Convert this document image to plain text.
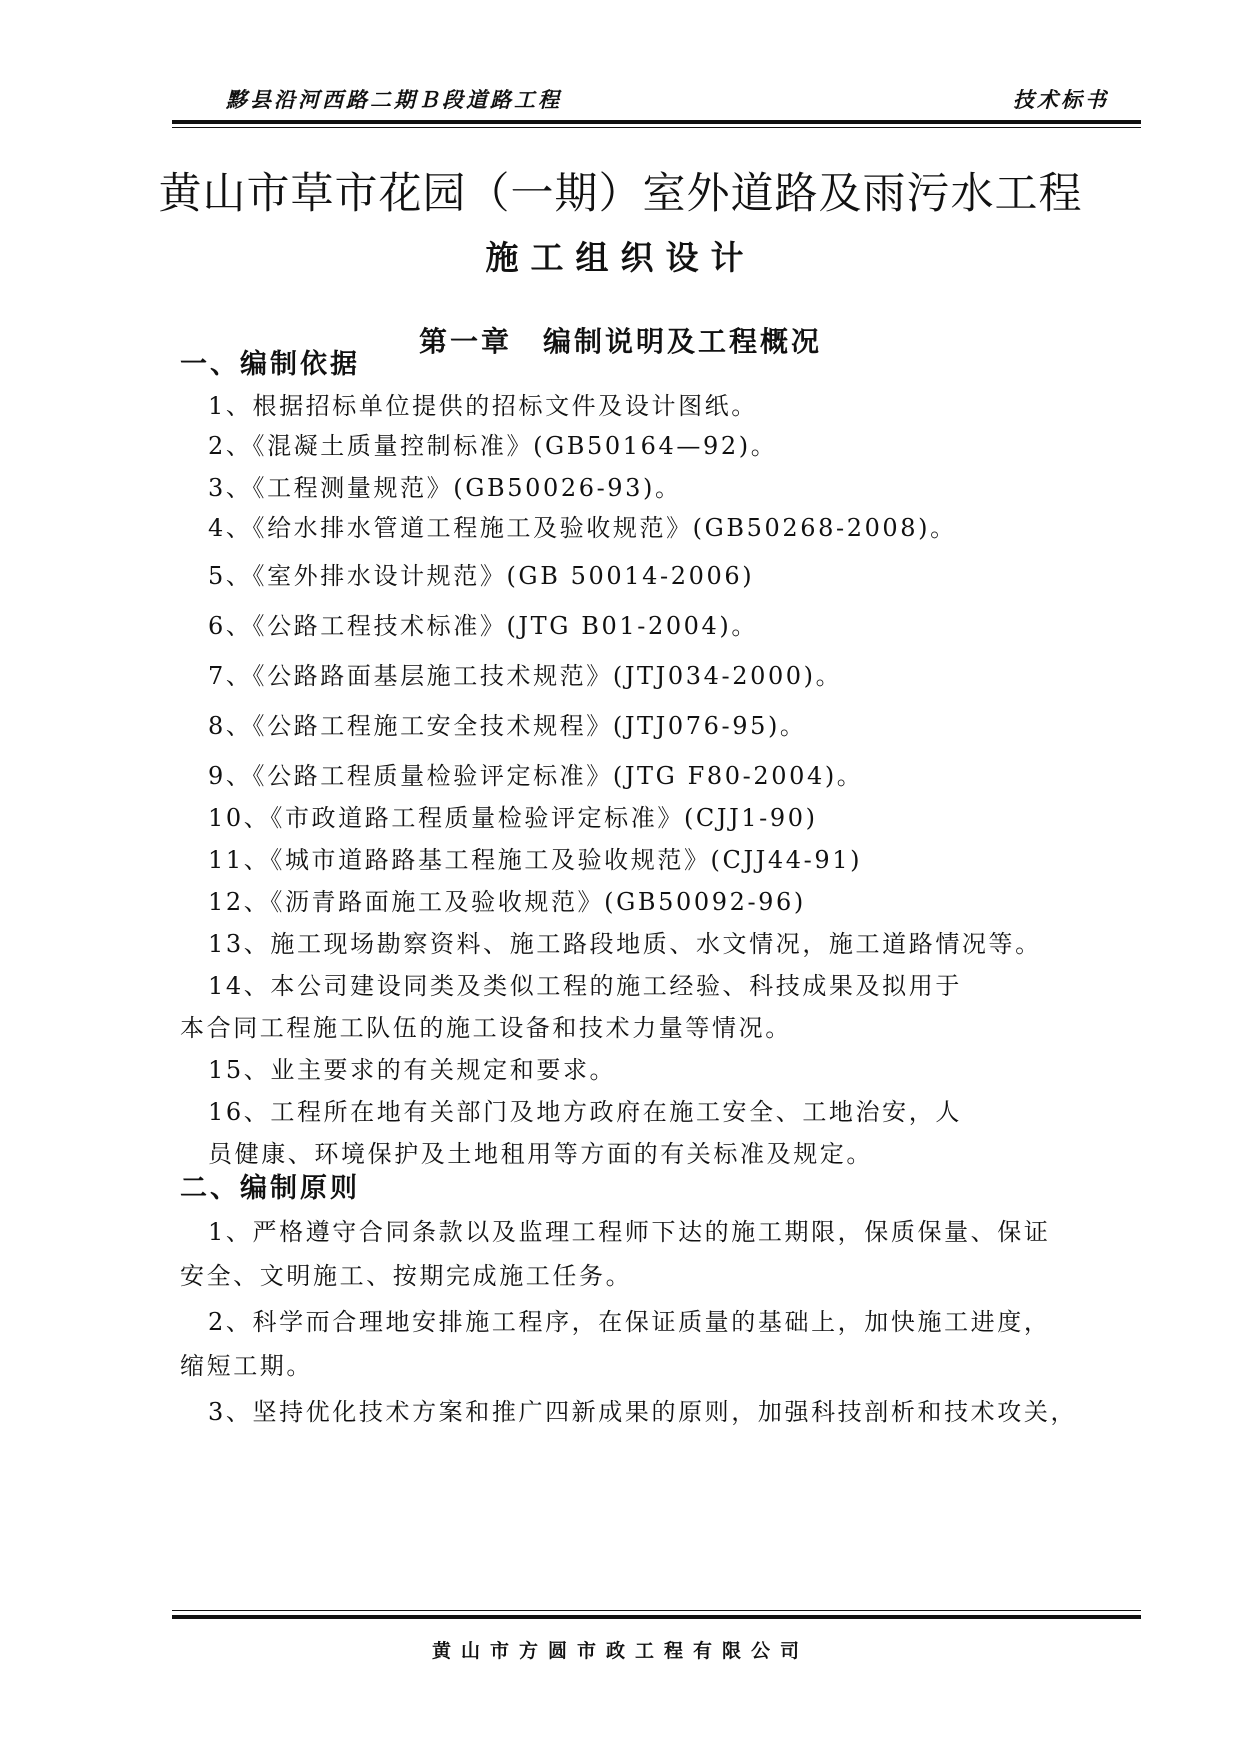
黟县沿河西路二期Ｂ段道路工程	技术标书
黄山市草市花园（一期）室外道路及雨污水工程
施工组织设计
第一章　编制说明及工程概况
一、编制依据
1、根据招标单位提供的招标文件及设计图纸。
2、《混凝土质量控制标准》(GB50164—92)。
3、《工程测量规范》(GB50026-93)。
4、《给水排水管道工程施工及验收规范》(GB50268-2008)。
5、《室外排水设计规范》(GB 50014-2006)
6、《公路工程技术标准》(JTG B01-2004)。
7、《公路路面基层施工技术规范》(JTJ034-2000)。
8、《公路工程施工安全技术规程》(JTJ076-95)。
9、《公路工程质量检验评定标准》(JTG F80-2004)。
10、《市政道路工程质量检验评定标准》(CJJ1-90)
11、《城市道路路基工程施工及验收规范》(CJJ44-91)
12、《沥青路面施工及验收规范》(GB50092-96)
13、施工现场勘察资料、施工路段地质、水文情况，施工道路情况等。
14、本公司建设同类及类似工程的施工经验、科技成果及拟用于
本合同工程施工队伍的施工设备和技术力量等情况。
15、业主要求的有关规定和要求。
16、工程所在地有关部门及地方政府在施工安全、工地治安，人
员健康、环境保护及土地租用等方面的有关标准及规定。
二、编制原则
1、严格遵守合同条款以及监理工程师下达的施工期限，保质保量、保证
安全、文明施工、按期完成施工任务。
2、科学而合理地安排施工程序，在保证质量的基础上，加快施工进度，
缩短工期。
3、坚持优化技术方案和推广四新成果的原则，加强科技剖析和技术攻关，
黄山市方圆市政工程有限公司
